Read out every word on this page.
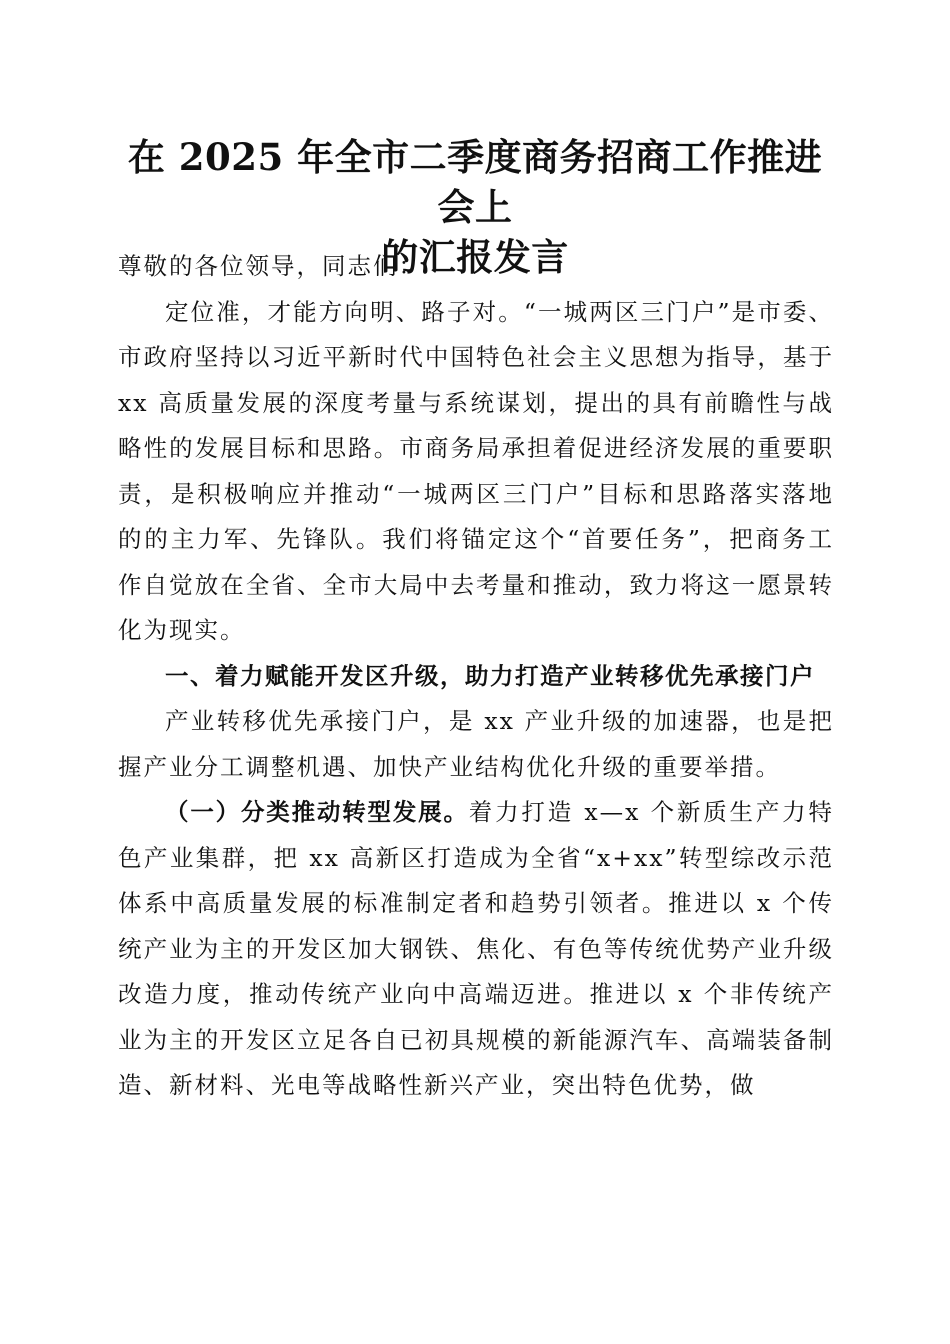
在 2025 年全市二季度商务招商工作推进会上
的汇报发言

尊敬的各位领导，同志们：

定位准，才能方向明、路子对。“一城两区三门户”是市委、市政府坚持以习近平新时代中国特色社会主义思想为指导，基于 xx 高质量发展的深度考量与系统谋划，提出的具有前瞻性与战略性的发展目标和思路。市商务局承担着促进经济发展的重要职责，是积极响应并推动“一城两区三门户”目标和思路落实落地的的主力军、先锋队。我们将锚定这个“首要任务”，把商务工作自觉放在全省、全市大局中去考量和推动，致力将这一愿景转化为现实。

一、着力赋能开发区升级，助力打造产业转移优先承接门户

产业转移优先承接门户，是 xx 产业升级的加速器，也是把握产业分工调整机遇、加快产业结构优化升级的重要举措。

（一）分类推动转型发展。着力打造 x—x 个新质生产力特色产业集群，把 xx 高新区打造成为全省“x+xx”转型综改示范体系中高质量发展的标准制定者和趋势引领者。推进以 x 个传统产业为主的开发区加大钢铁、焦化、有色等传统优势产业升级改造力度，推动传统产业向中高端迈进。推进以 x 个非传统产业为主的开发区立足各自已初具规模的新能源汽车、高端装备制造、新材料、光电等战略性新兴产业，突出特色优势，做
